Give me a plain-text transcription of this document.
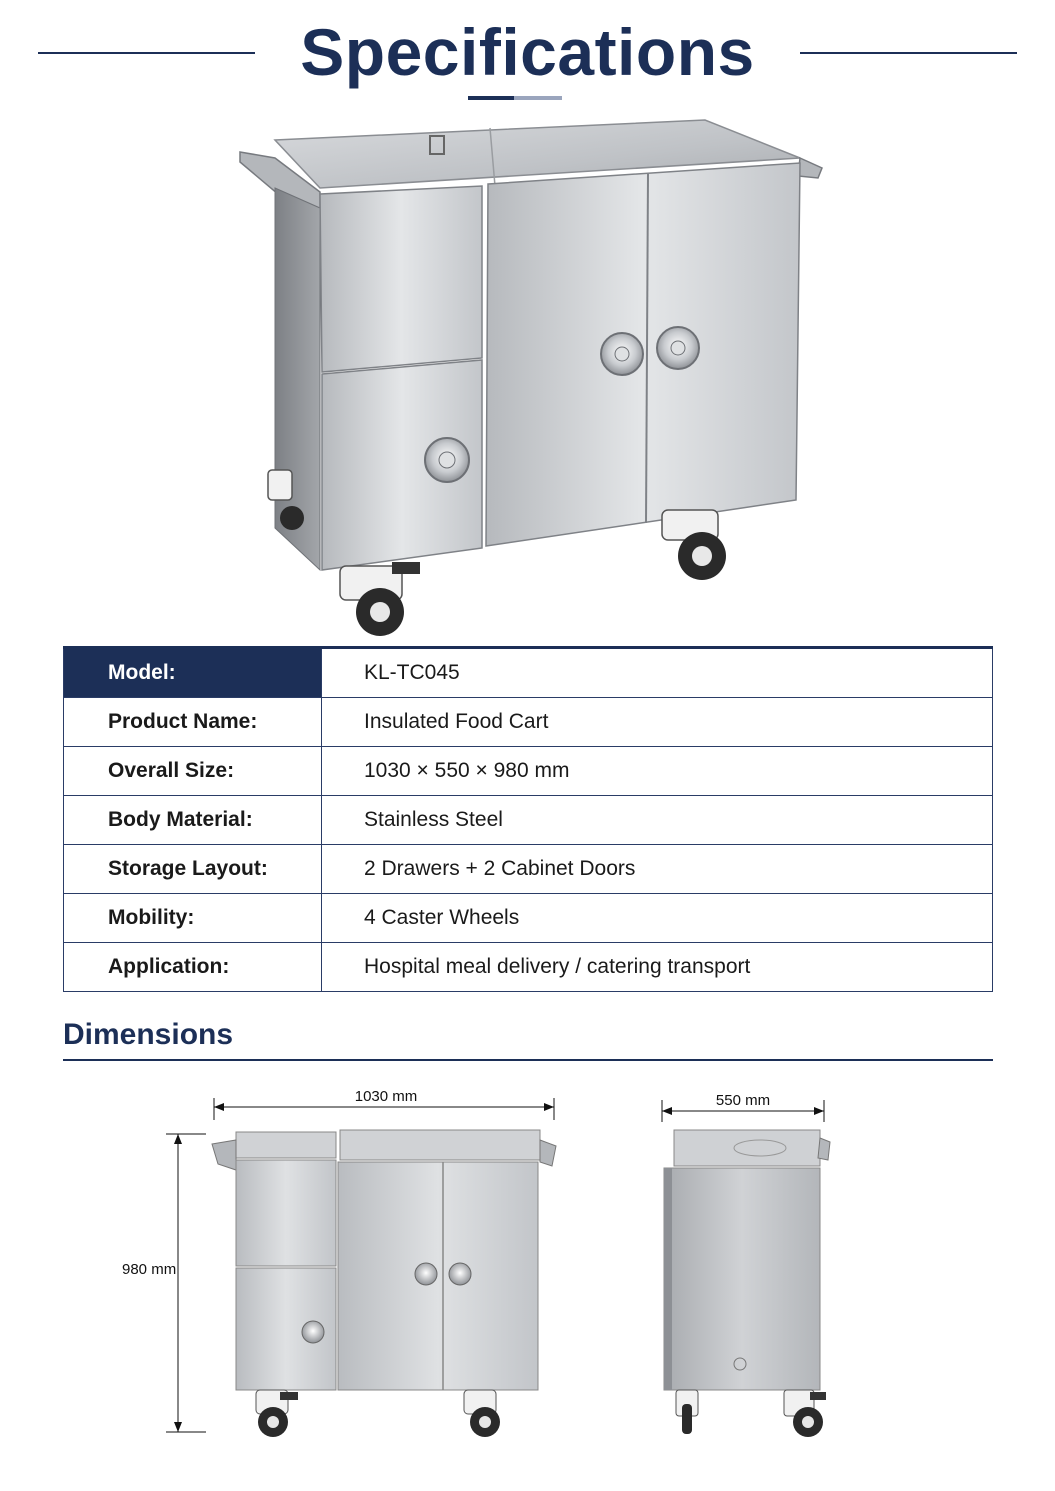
Specifications
Model:	KL-TC045
Product Name:	Insulated Food Cart
Overall Size:	1030 × 550 × 980 mm
Body Material:	Stainless Steel
Storage Layout:	2 Drawers + 2 Cabinet Doors
Mobility:	4 Caster Wheels
Application:	Hospital meal delivery / catering transport
Dimensions
1030 mm
980 mm
550 mm
